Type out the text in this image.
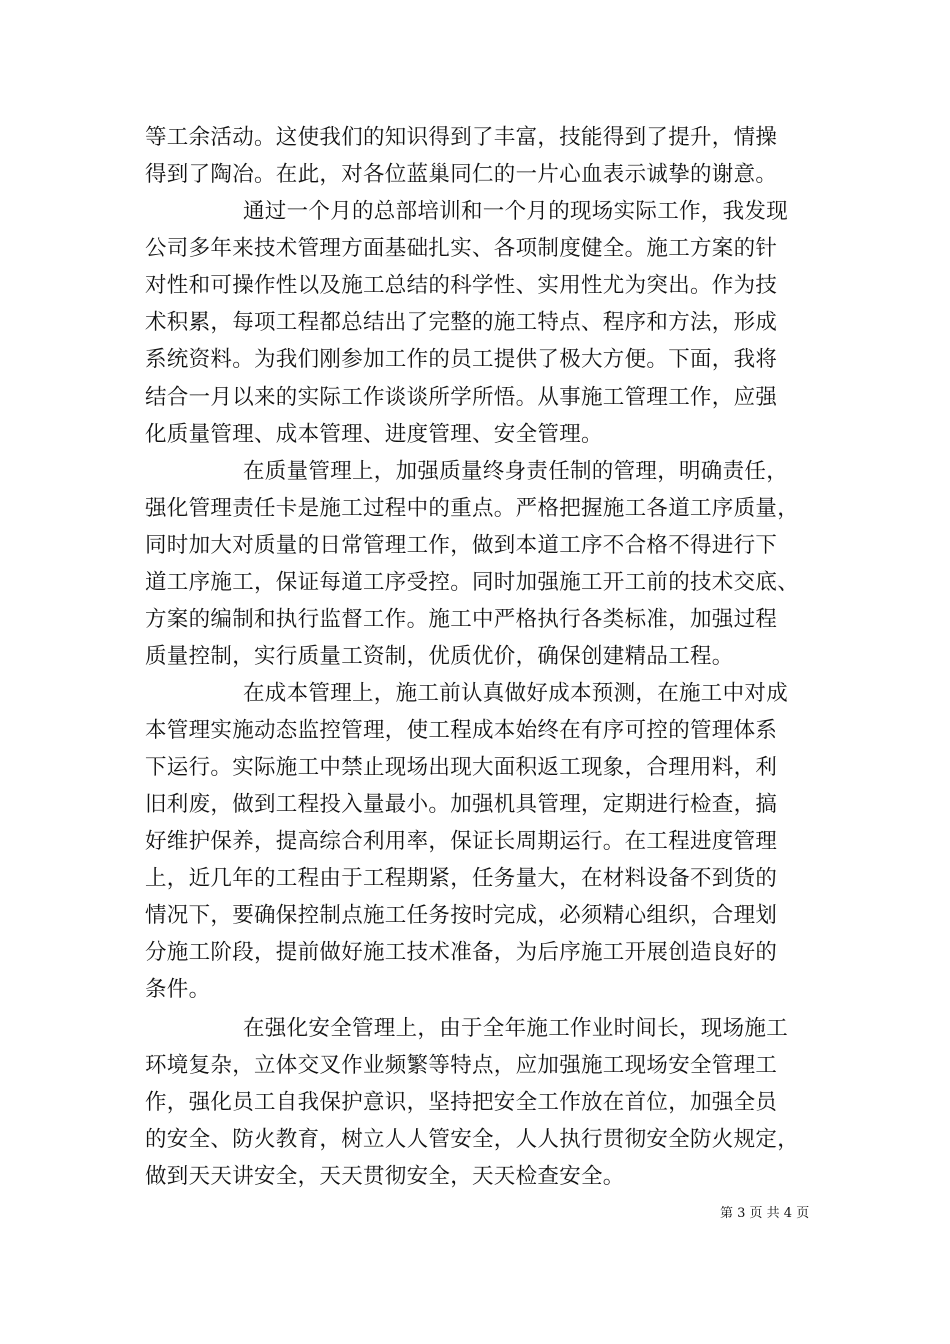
等工余活动。这使我们的知识得到了丰富，技能得到了提升，情操
得到了陶冶。在此，对各位蓝巢同仁的一片心血表示诚挚的谢意。
通过一个月的总部培训和一个月的现场实际工作，我发现
公司多年来技术管理方面基础扎实、各项制度健全。施工方案的针
对性和可操作性以及施工总结的科学性、实用性尤为突出。作为技
术积累，每项工程都总结出了完整的施工特点、程序和方法，形成
系统资料。为我们刚参加工作的员工提供了极大方便。下面，我将
结合一月以来的实际工作谈谈所学所悟。从事施工管理工作，应强
化质量管理、成本管理、进度管理、安全管理。
在质量管理上，加强质量终身责任制的管理，明确责任，
强化管理责任卡是施工过程中的重点。严格把握施工各道工序质量，
同时加大对质量的日常管理工作，做到本道工序不合格不得进行下
道工序施工，保证每道工序受控。同时加强施工开工前的技术交底、
方案的编制和执行监督工作。施工中严格执行各类标准，加强过程
质量控制，实行质量工资制，优质优价，确保创建精品工程。
在成本管理上，施工前认真做好成本预测，在施工中对成
本管理实施动态监控管理，使工程成本始终在有序可控的管理体系
下运行。实际施工中禁止现场出现大面积返工现象，合理用料，利
旧利废，做到工程投入量最小。加强机具管理，定期进行检查，搞
好维护保养，提高综合利用率，保证长周期运行。在工程进度管理
上，近几年的工程由于工程期紧，任务量大，在材料设备不到货的
情况下，要确保控制点施工任务按时完成，必须精心组织，合理划
分施工阶段，提前做好施工技术准备，为后序施工开展创造良好的
条件。
在强化安全管理上，由于全年施工作业时间长，现场施工
环境复杂，立体交叉作业频繁等特点，应加强施工现场安全管理工
作，强化员工自我保护意识，坚持把安全工作放在首位，加强全员
的安全、防火教育，树立人人管安全，人人执行贯彻安全防火规定，
做到天天讲安全，天天贯彻安全，天天检查安全。
第 3 页 共 4 页
